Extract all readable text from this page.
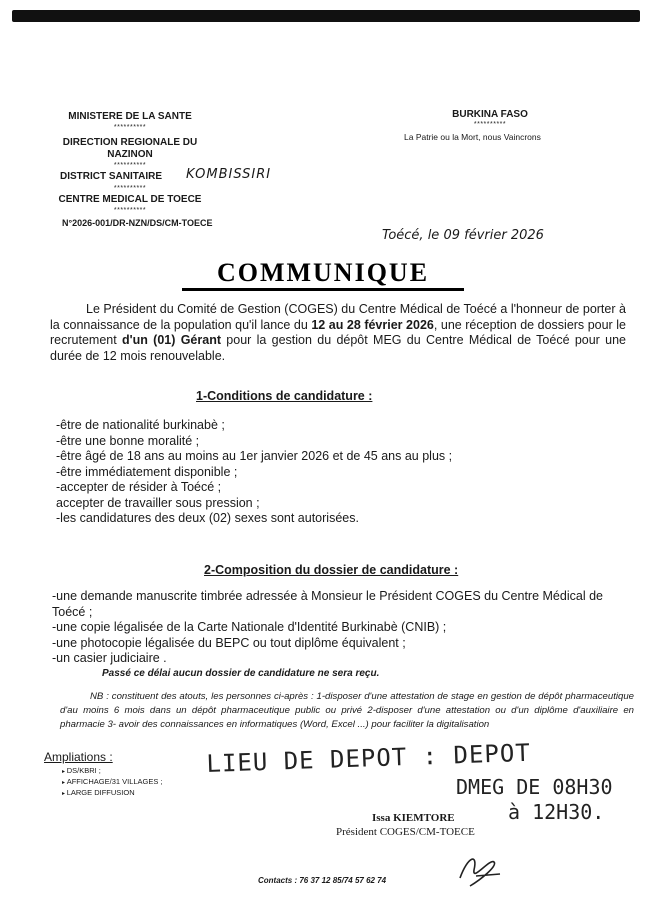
MINISTERE DE LA SANTE
**********
DIRECTION REGIONALE DU
NAZINON
**********
DISTRICT SANITAIRE KOMBISSIRI
**********
CENTRE MEDICAL DE TOECE
**********
N°2026-001/DR-NZN/DS/CM-TOECE
BURKINA FASO
**********
La Patrie ou la Mort, nous Vaincrons
Toécé, le 09 février 2026
COMMUNIQUE
Le Président du Comité de Gestion (COGES) du Centre Médical de Toécé a l'honneur de porter à la connaissance de la population qu'il lance du 12 au 28 février 2026, une réception de dossiers pour le recrutement d'un (01) Gérant pour la gestion du dépôt MEG du Centre Médical de Toécé pour une durée de 12 mois renouvelable.
1-Conditions de candidature :
-être de nationalité burkinabè ;
-être une bonne moralité ;
-être âgé de 18 ans au moins au 1er janvier 2026 et de 45 ans au plus ;
-être immédiatement disponible ;
-accepter de résider à Toécé ;
accepter de travailler sous pression ;
-les candidatures des deux (02) sexes sont autorisées.
2-Composition du dossier de candidature :
-une demande manuscrite timbrée adressée à Monsieur le Président COGES du Centre Médical de Toécé ;
-une copie légalisée de la Carte Nationale d'Identité Burkinabè (CNIB) ;
-une photocopie légalisée du BEPC ou tout diplôme équivalent ;
-un casier judiciaire .
Passé ce délai aucun dossier de candidature ne sera reçu.
NB : constituent des atouts, les personnes ci-après : 1-disposer d'une attestation de stage en gestion de dépôt pharmaceutique d'au moins 6 mois dans un dépôt pharmaceutique public ou privé 2-disposer d'une attestation ou d'un diplôme d'auxiliaire en pharmacie 3- avoir des connaissances en informatiques (Word, Excel ...) pour faciliter la digitalisation
Ampliations :
▸ DS/KBRI ;
▸ AFFICHAGE/31 VILLAGES ;
▸ LARGE DIFFUSION
LIEU DE DEPOT : DEPOT
DMEG DE 08H30
à 12H30.
Issa KIEMTORE
Président COGES/CM-TOECE
Contacts : 76 37 12 85/74 57 62 74
